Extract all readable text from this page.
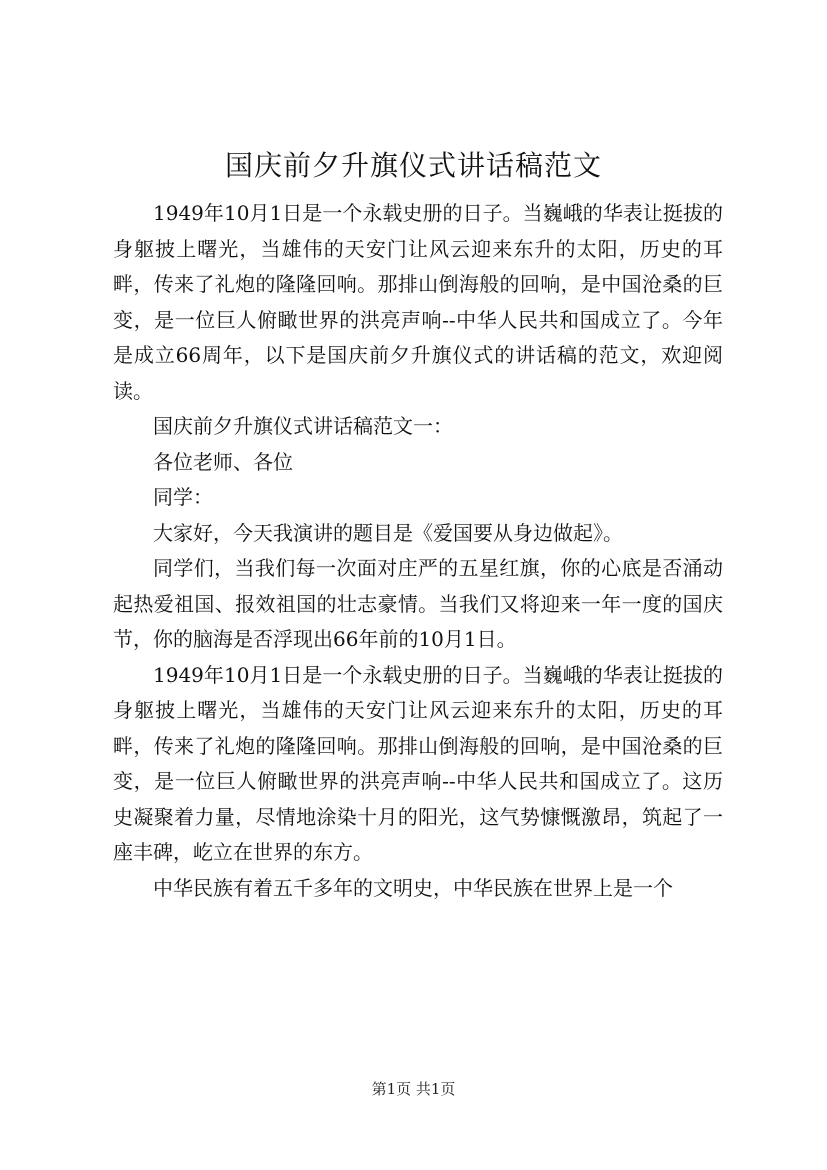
国庆前夕升旗仪式讲话稿范文

1949年10月1日是一个永载史册的日子。当巍峨的华表让挺拔的身躯披上曙光，当雄伟的天安门让风云迎来东升的太阳，历史的耳畔，传来了礼炮的隆隆回响。那排山倒海般的回响，是中国沧桑的巨变，是一位巨人俯瞰世界的洪亮声响--中华人民共和国成立了。今年是成立66周年，以下是国庆前夕升旗仪式的讲话稿的范文，欢迎阅读。

国庆前夕升旗仪式讲话稿范文一：

各位老师、各位

同学：

大家好，今天我演讲的题目是《爱国要从身边做起》。

同学们，当我们每一次面对庄严的五星红旗，你的心底是否涌动起热爱祖国、报效祖国的壮志豪情。当我们又将迎来一年一度的国庆节，你的脑海是否浮现出66年前的10月1日。

1949年10月1日是一个永载史册的日子。当巍峨的华表让挺拔的身躯披上曙光，当雄伟的天安门让风云迎来东升的太阳，历史的耳畔，传来了礼炮的隆隆回响。那排山倒海般的回响，是中国沧桑的巨变，是一位巨人俯瞰世界的洪亮声响--中华人民共和国成立了。这历史凝聚着力量，尽情地涂染十月的阳光，这气势慷慨激昂，筑起了一座丰碑，屹立在世界的东方。

中华民族有着五千多年的文明史，中华民族在世界上是一个

第1页 共1页
